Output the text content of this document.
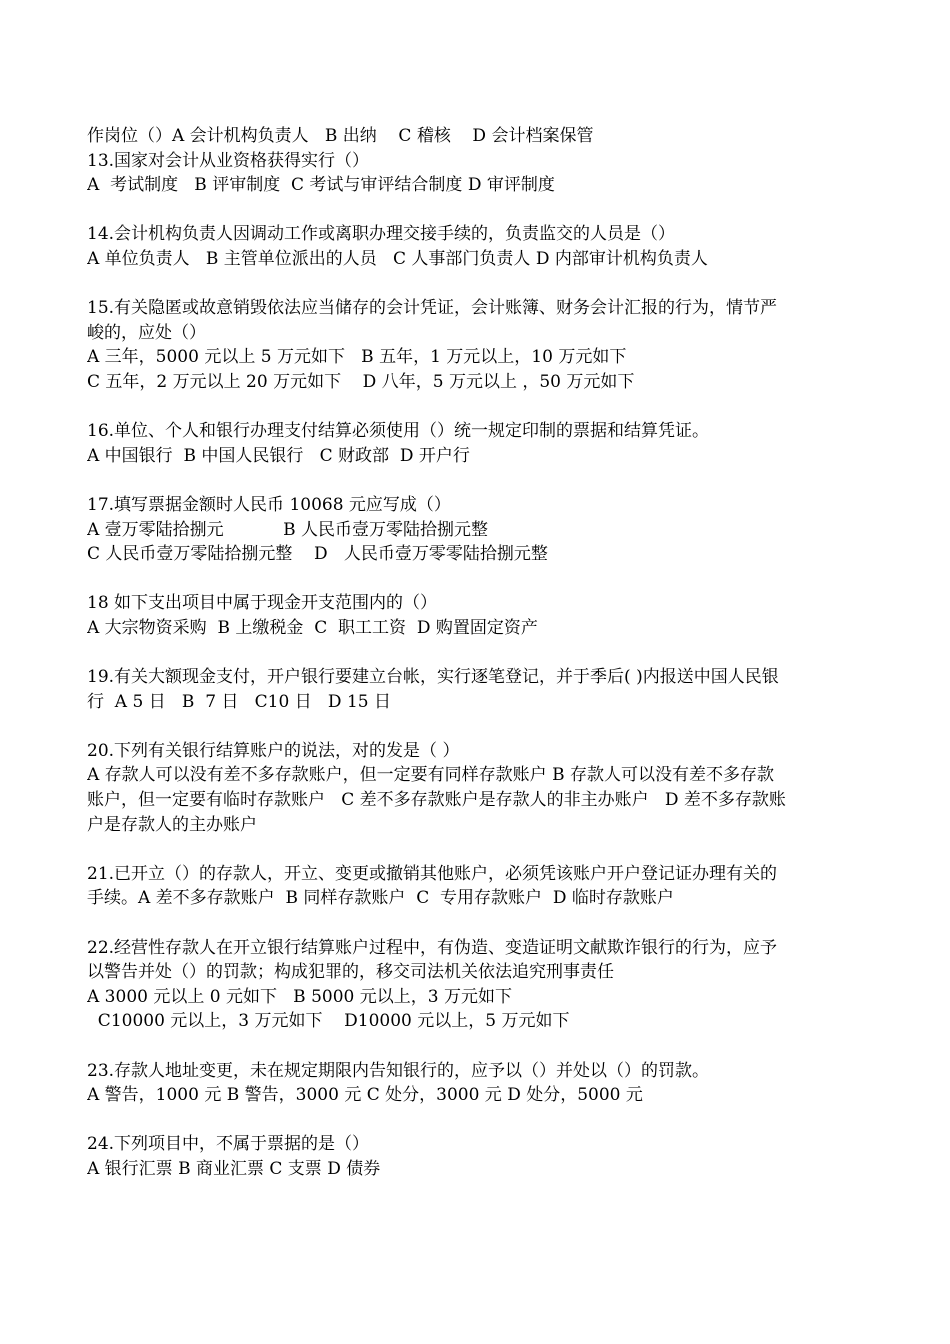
作岗位（）A 会计机构负责人   B 出纳    C 稽核    D 会计档案保管
13.国家对会计从业资格获得实行（）
A  考试制度   B 评审制度  C 考试与审评结合制度 D 审评制度
14.会计机构负责人因调动工作或离职办理交接手续的，负责监交的人员是（）
A 单位负责人   B 主管单位派出的人员   C 人事部门负责人 D 内部审计机构负责人
15.有关隐匿或故意销毁依法应当储存的会计凭证，会计账簿、财务会计汇报的行为，情节严
峻的，应处（）
A 三年，5000 元以上 5 万元如下   B 五年，1 万元以上，10 万元如下
C 五年，2 万元以上 20 万元如下    D 八年，5 万元以上 ，50 万元如下
16.单位、个人和银行办理支付结算必须使用（）统一规定印制的票据和结算凭证。
A 中国银行  B 中国人民银行   C 财政部  D 开户行
17.填写票据金额时人民币 10068 元应写成（）
A 壹万零陆拾捌元           B 人民币壹万零陆拾捌元整
C 人民币壹万零陆拾捌元整    D   人民币壹万零零陆拾捌元整
18 如下支出项目中属于现金开支范围内的（）
A 大宗物资采购  B 上缴税金  C  职工工资  D 购置固定资产
19.有关大额现金支付，开户银行要建立台帐，实行逐笔登记，并于季后( )内报送中国人民银
行  A 5 日   B  7 日   C10 日   D 15 日
20.下列有关银行结算账户的说法，对的发是（ ）
A 存款人可以没有差不多存款账户，但一定要有同样存款账户 B 存款人可以没有差不多存款
账户，但一定要有临时存款账户   C 差不多存款账户是存款人的非主办账户   D 差不多存款账
户是存款人的主办账户
21.已开立（）的存款人，开立、变更或撤销其他账户，必须凭该账户开户登记证办理有关的
手续。A 差不多存款账户  B 同样存款账户  C  专用存款账户  D 临时存款账户
22.经营性存款人在开立银行结算账户过程中，有伪造、变造证明文献欺诈银行的行为，应予
以警告并处（）的罚款；构成犯罪的，移交司法机关依法追究刑事责任
A 3000 元以上 0 元如下   B 5000 元以上，3 万元如下
C10000 元以上，3 万元如下    D10000 元以上，5 万元如下
23.存款人地址变更，未在规定期限内告知银行的，应予以（）并处以（）的罚款。
A 警告，1000 元 B 警告，3000 元 C 处分，3000 元 D 处分，5000 元
24.下列项目中，不属于票据的是（）
A 银行汇票 B 商业汇票 C 支票 D 债券
